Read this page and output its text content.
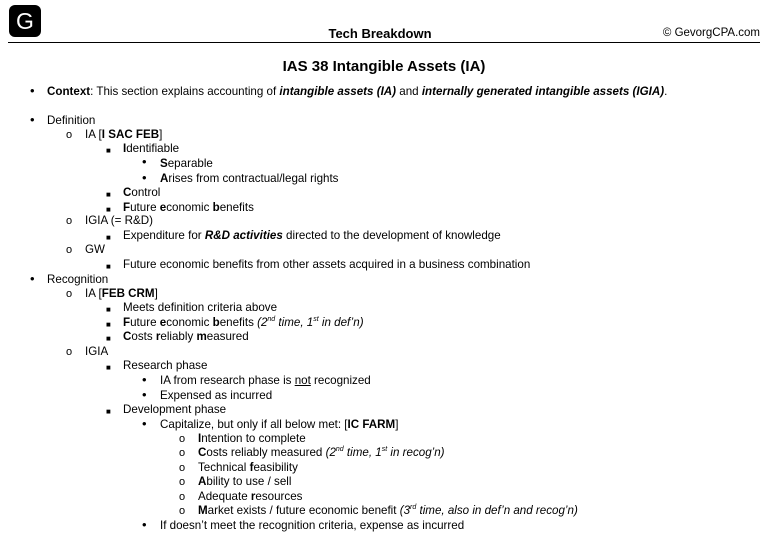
G	Tech Breakdown	© GevorgCPA.com
IAS 38 Intangible Assets (IA)
• Context: This section explains accounting of intangible assets (IA) and internally generated intangible assets (IGIA).
• Definition
o IA [I SAC FEB]
■ Identifiable
• Separable
• Arises from contractual/legal rights
■ Control
■ Future economic benefits
o IGIA (= R&D)
■ Expenditure for R&D activities directed to the development of knowledge
o GW
■ Future economic benefits from other assets acquired in a business combination
• Recognition
o IA [FEB CRM]
■ Meets definition criteria above
■ Future economic benefits (2nd time, 1st in def’n)
■ Costs reliably measured
o IGIA
■ Research phase
• IA from research phase is not recognized
• Expensed as incurred
■ Development phase
• Capitalize, but only if all below met: [IC FARM]
o Intention to complete
o Costs reliably measured (2nd time, 1st in recog’n)
o Technical feasibility
o Ability to use / sell
o Adequate resources
o Market exists / future economic benefit (3rd time, also in def’n and recog’n)
• If doesn’t meet the recognition criteria, expense as incurred
